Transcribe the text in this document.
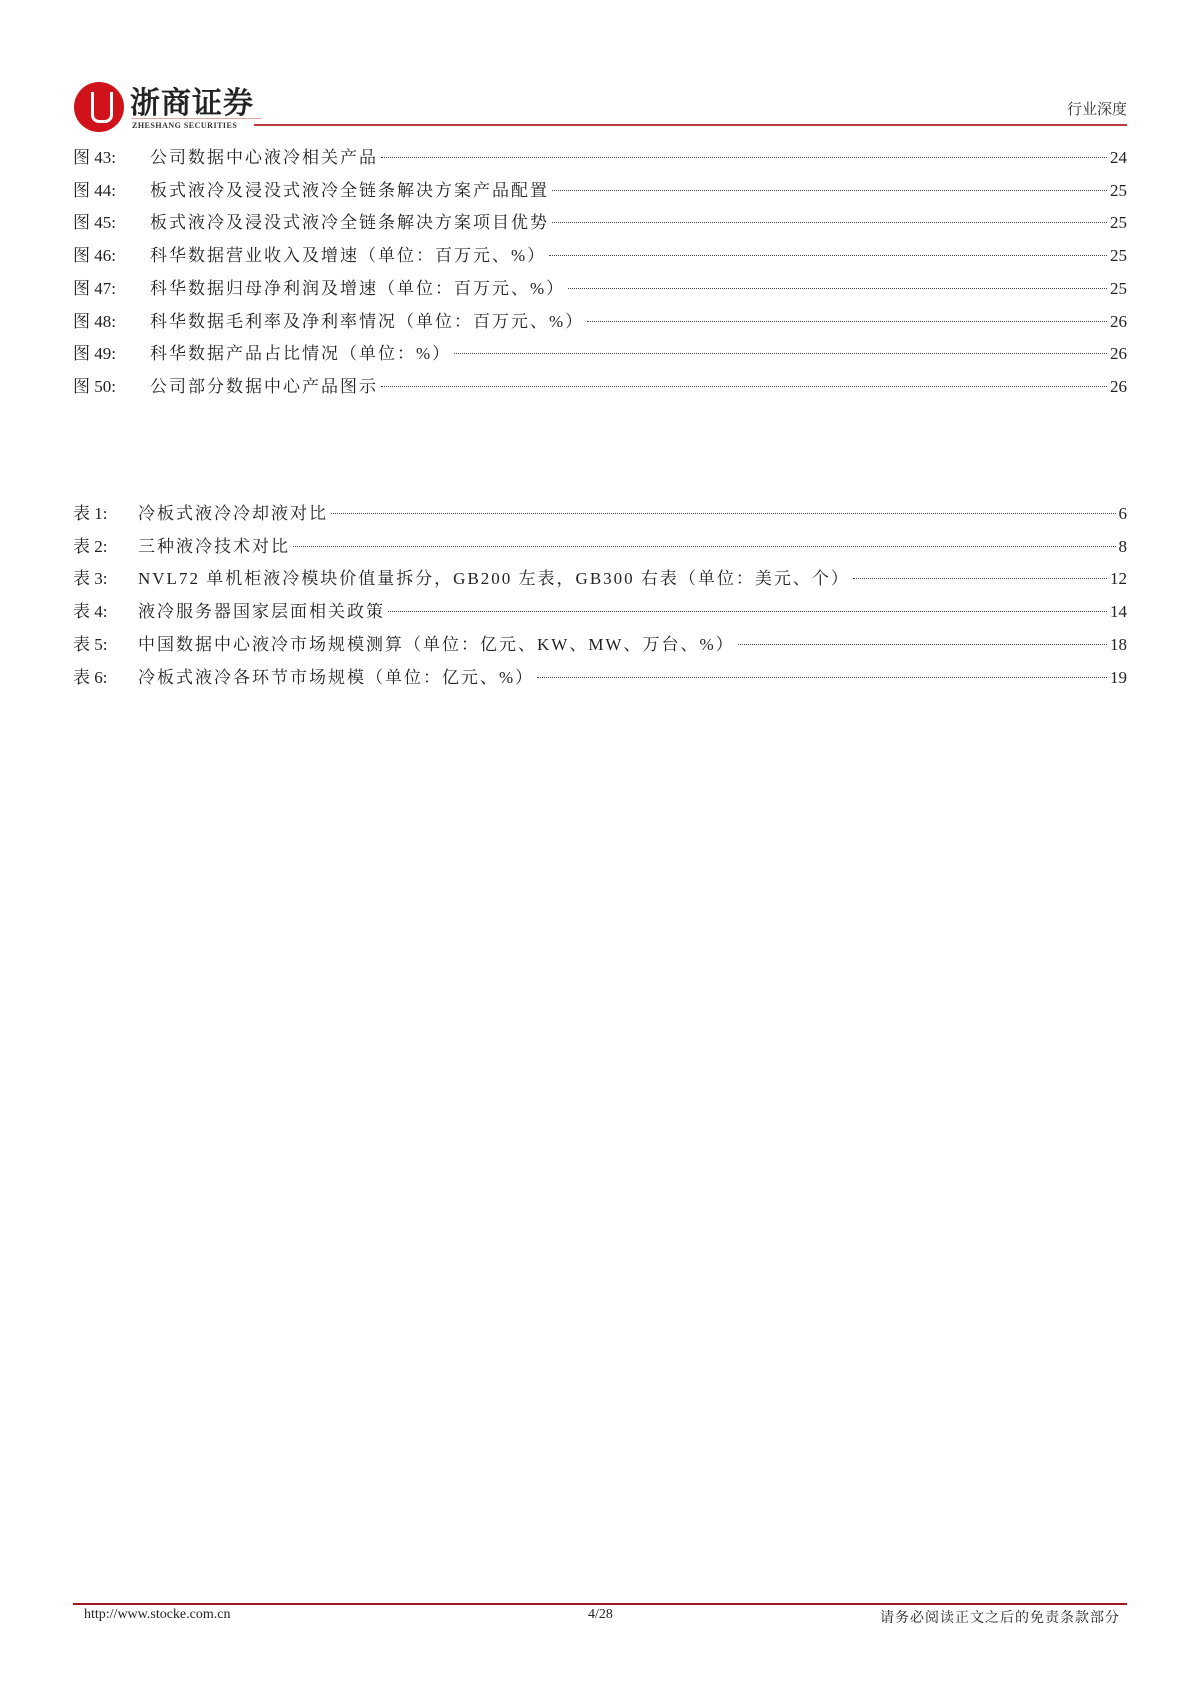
浙商证券
ZHESHANG SECURITIES
行业深度
图 43:	公司数据中心液冷相关产品	24
图 44:	板式液冷及浸没式液冷全链条解决方案产品配置	25
图 45:	板式液冷及浸没式液冷全链条解决方案项目优势	25
图 46:	科华数据营业收入及增速（单位：百万元、%）	25
图 47:	科华数据归母净利润及增速（单位：百万元、%）	25
图 48:	科华数据毛利率及净利率情况（单位：百万元、%）	26
图 49:	科华数据产品占比情况（单位：%）	26
图 50:	公司部分数据中心产品图示	26
表 1:	冷板式液冷冷却液对比	6
表 2:	三种液冷技术对比	8
表 3:	NVL72 单机柜液冷模块价值量拆分，GB200 左表，GB300 右表（单位：美元、个）	12
表 4:	液冷服务器国家层面相关政策	14
表 5:	中国数据中心液冷市场规模测算（单位：亿元、KW、MW、万台、%）	18
表 6:	冷板式液冷各环节市场规模（单位：亿元、%）	19
http://www.stocke.com.cn	4/28	请务必阅读正文之后的免责条款部分
